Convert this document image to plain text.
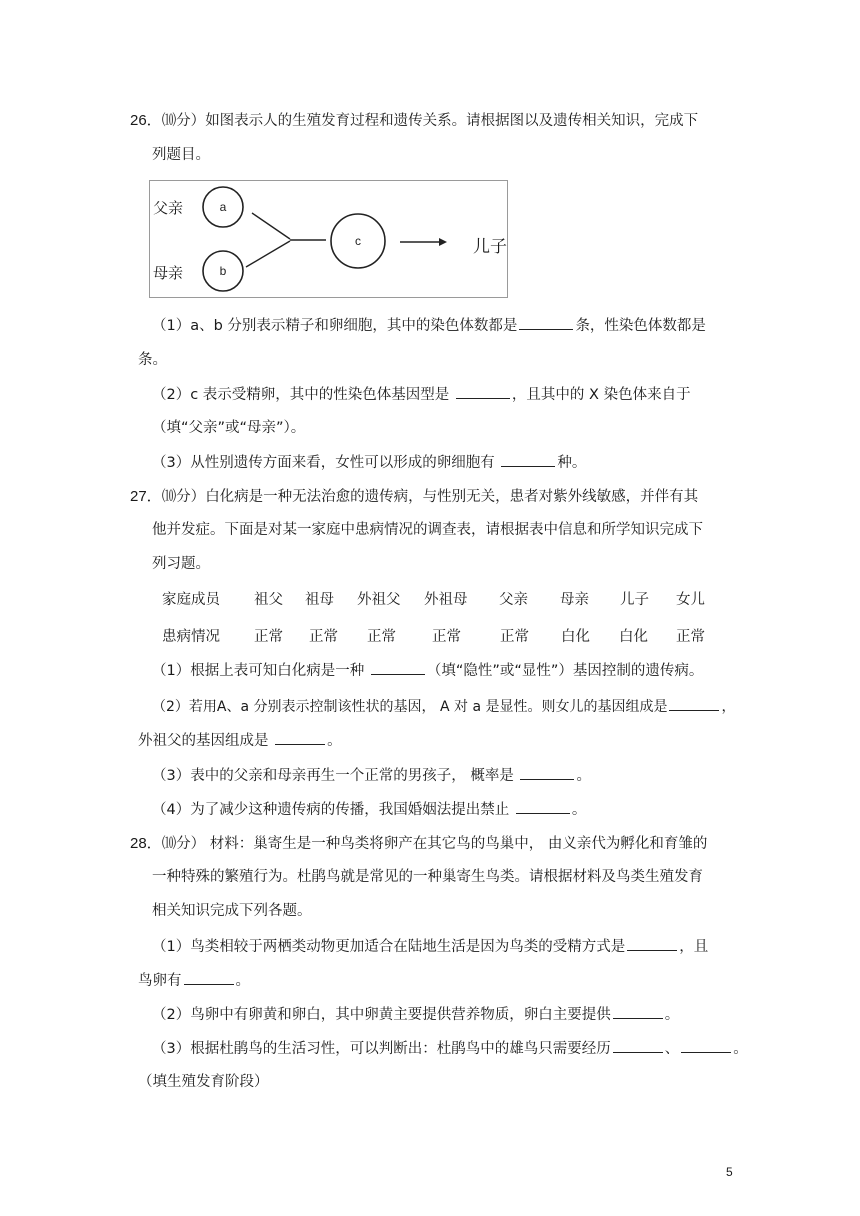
26．⑽分）如图表示人的生殖发育过程和遗传关系。请根据图以及遗传相关知识，完成下
列题目。
a
b
c
父亲
母亲
儿子
（1）a、b 分别表示精子和卵细胞，其中的染色体数都是	条，性染色体数都是
条。
（2）c 表示受精卵，其中的性染色体基因型是	，且其中的 X 染色体来自于
（填“父亲”或“母亲”）。
（3）从性别遗传方面来看，女性可以形成的卵细胞有	种。
27．⑽分）白化病是一种无法治愈的遗传病，与性别无关，患者对紫外线敏感，并伴有其
他并发症。下面是对某一家庭中患病情况的调查表，请根据表中信息和所学知识完成下
列习题。
家庭成员 祖父 祖母 外祖父 外祖母 父亲 母亲 儿子 女儿
患病情况 正常 正常 正常 正常	正常 白化 白化 正常
（1）根据上表可知白化病是一种	（填“隐性”或“显性”）基因控制的遗传病。
（2）若用A、a 分别表示控制该性状的基因， A 对 a 是显性。则女儿的基因组成是	，
外祖父的基因组成是	。
（3）表中的父亲和母亲再生一个正常的男孩子， 概率是	。
（4）为了减少这种遗传病的传播，我国婚姻法提出禁止	。
28．⑽分） 材料：巢寄生是一种鸟类将卵产在其它鸟的鸟巢中， 由义亲代为孵化和育雏的
一种特殊的繁殖行为。杜鹃鸟就是常见的一种巢寄生鸟类。请根据材料及鸟类生殖发育
相关知识完成下列各题。
（1）鸟类相较于两栖类动物更加适合在陆地生活是因为鸟类的受精方式是	，且
鸟卵有	。
（2）鸟卵中有卵黄和卵白，其中卵黄主要提供营养物质，卵白主要提供	。
（3）根据杜鹃鸟的生活习性，可以判断出：杜鹃鸟中的雄鸟只需要经历	、	。
（填生殖发育阶段）
5
